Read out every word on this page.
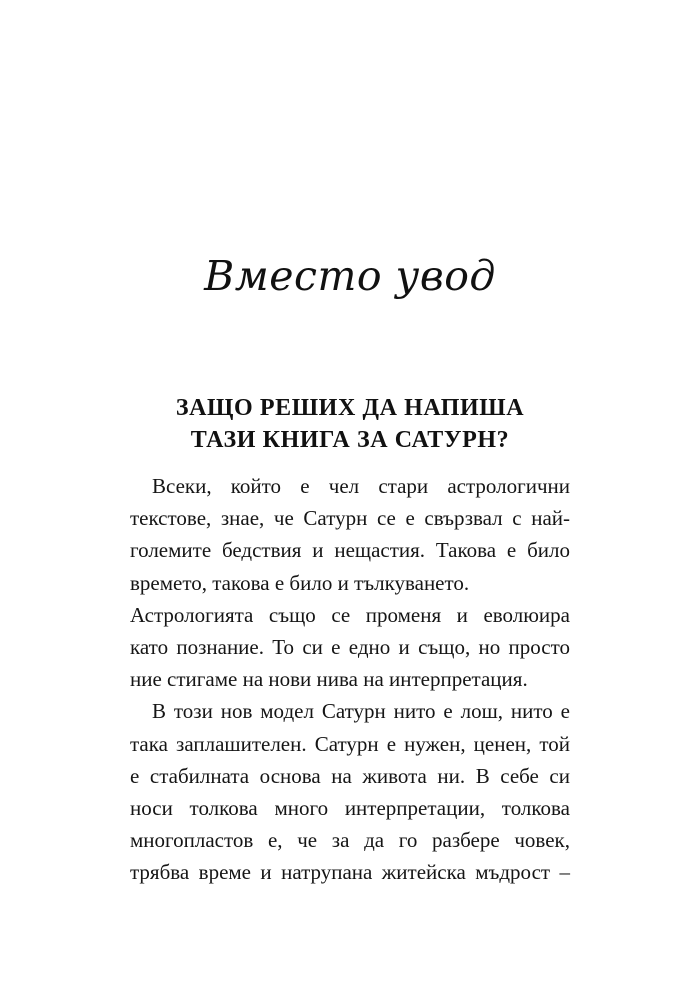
Вместо увод
ЗАЩО РЕШИХ ДА НАПИША
ТАЗИ КНИГА ЗА САТУРН?
Всеки, който е чел стари астрологични
текстове, знае, че Сатурн се е свързвал с най-
големите бедствия и нещастия. Такова е било
времето, такова е било и тълкуването.
Астрологията също се променя и еволюира
като познание. То си е едно и също, но просто
ние стигаме на нови нива на интерпретация.
В този нов модел Сатурн нито е лош, нито е
така заплашителен. Сатурн е нужен, ценен, той
е стабилната основа на живота ни. В себе си
носи толкова много интерпретации, толкова
многопластов е, че за да го разбере човек,
трябва време и натрупана житейска мъдрост –
